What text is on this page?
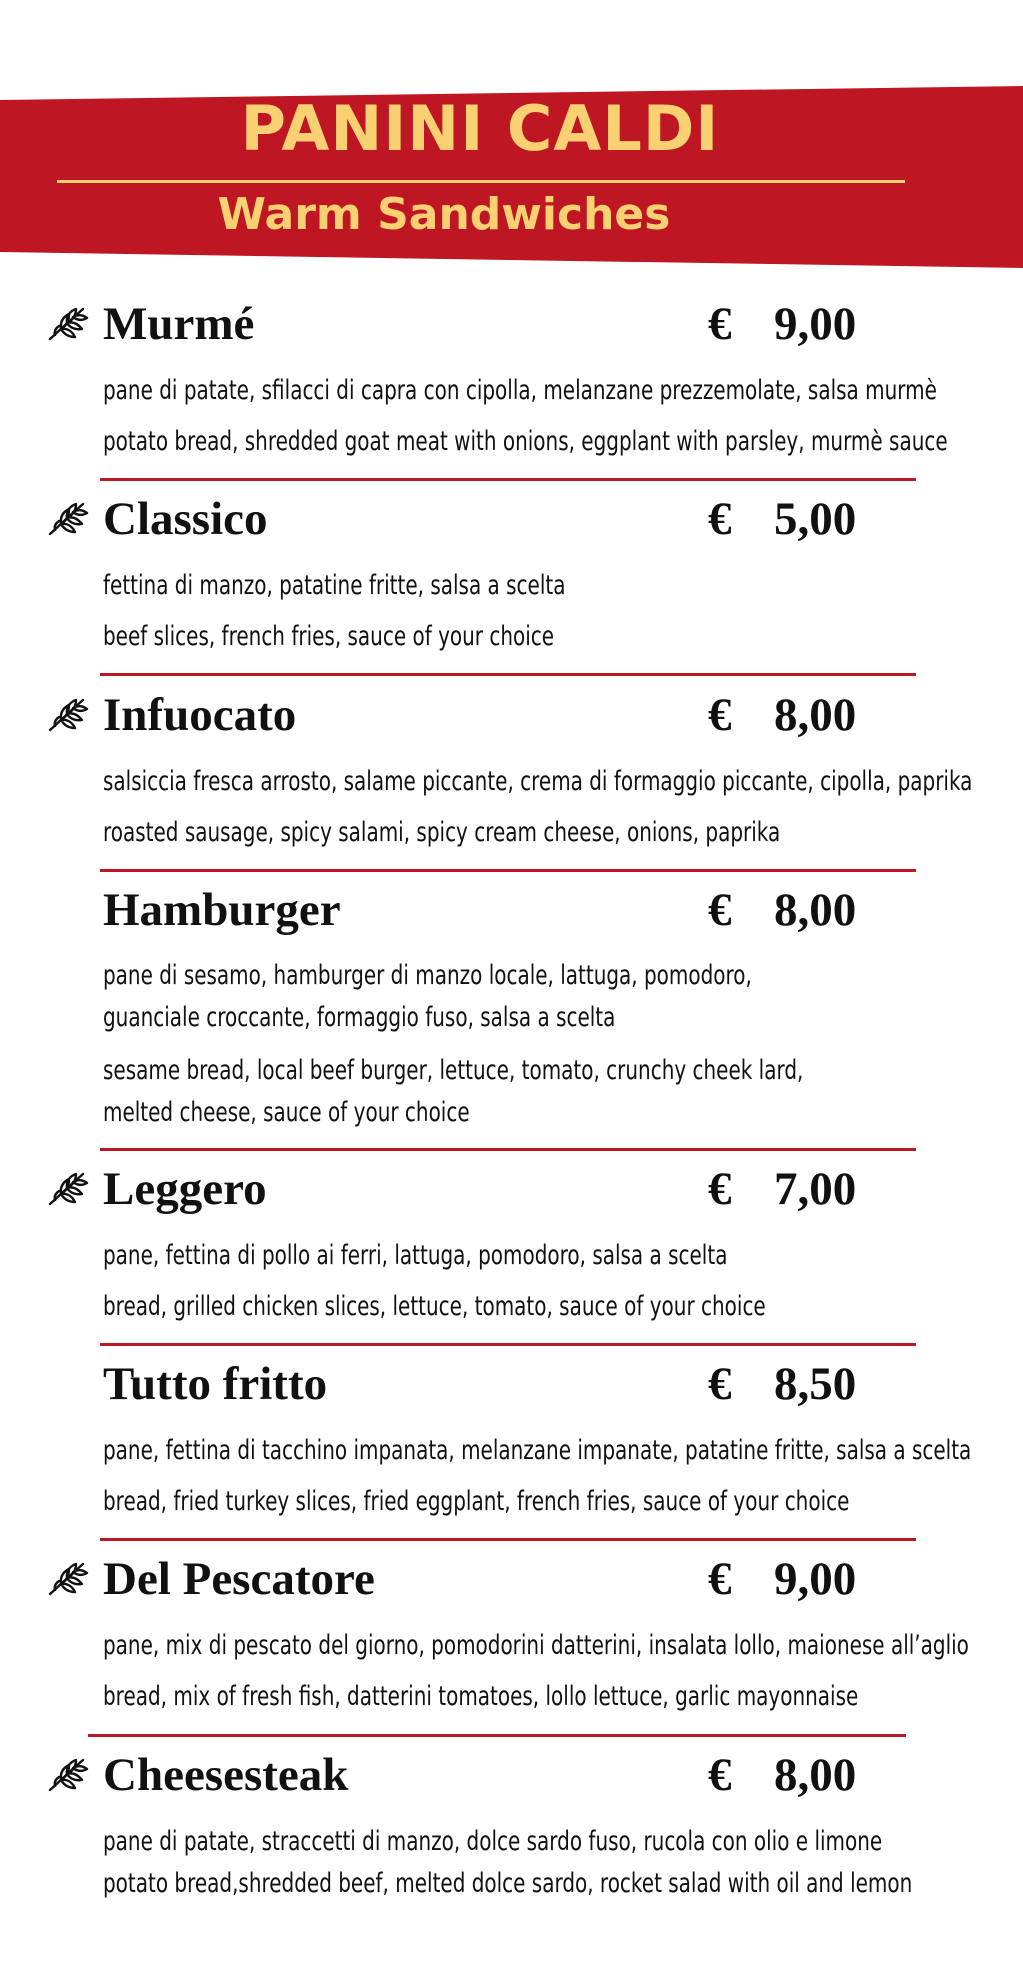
PANINI CALDI
Warm Sandwiches
Murmé	€ 9,00
pane di patate, sfilacci di capra con cipolla, melanzane prezzemolate, salsa murmè
potato bread, shredded goat meat with onions, eggplant with parsley, murmè sauce
Classico	€ 5,00
fettina di manzo, patatine fritte, salsa a scelta
beef slices, french fries, sauce of your choice
Infuocato	€ 8,00
salsiccia fresca arrosto, salame piccante, crema di formaggio piccante, cipolla, paprika
roasted sausage, spicy salami, spicy cream cheese, onions, paprika
Hamburger	€ 8,00
pane di sesamo, hamburger di manzo locale, lattuga, pomodoro,
guanciale croccante, formaggio fuso, salsa a scelta
sesame bread, local beef burger, lettuce, tomato, crunchy cheek lard,
melted cheese, sauce of your choice
Leggero	€ 7,00
pane, fettina di pollo ai ferri, lattuga, pomodoro, salsa a scelta
bread, grilled chicken slices, lettuce, tomato, sauce of your choice
Tutto fritto	€ 8,50
pane, fettina di tacchino impanata, melanzane impanate, patatine fritte, salsa a scelta
bread, fried turkey slices, fried eggplant, french fries, sauce of your choice
Del Pescatore	€ 9,00
pane, mix di pescato del giorno, pomodorini datterini, insalata lollo, maionese all’aglio
bread, mix of fresh fish, datterini tomatoes, lollo lettuce, garlic mayonnaise
Cheesesteak	€ 8,00
pane di patate, straccetti di manzo, dolce sardo fuso, rucola con olio e limone
potato bread,shredded beef, melted dolce sardo, rocket salad with oil and lemon
